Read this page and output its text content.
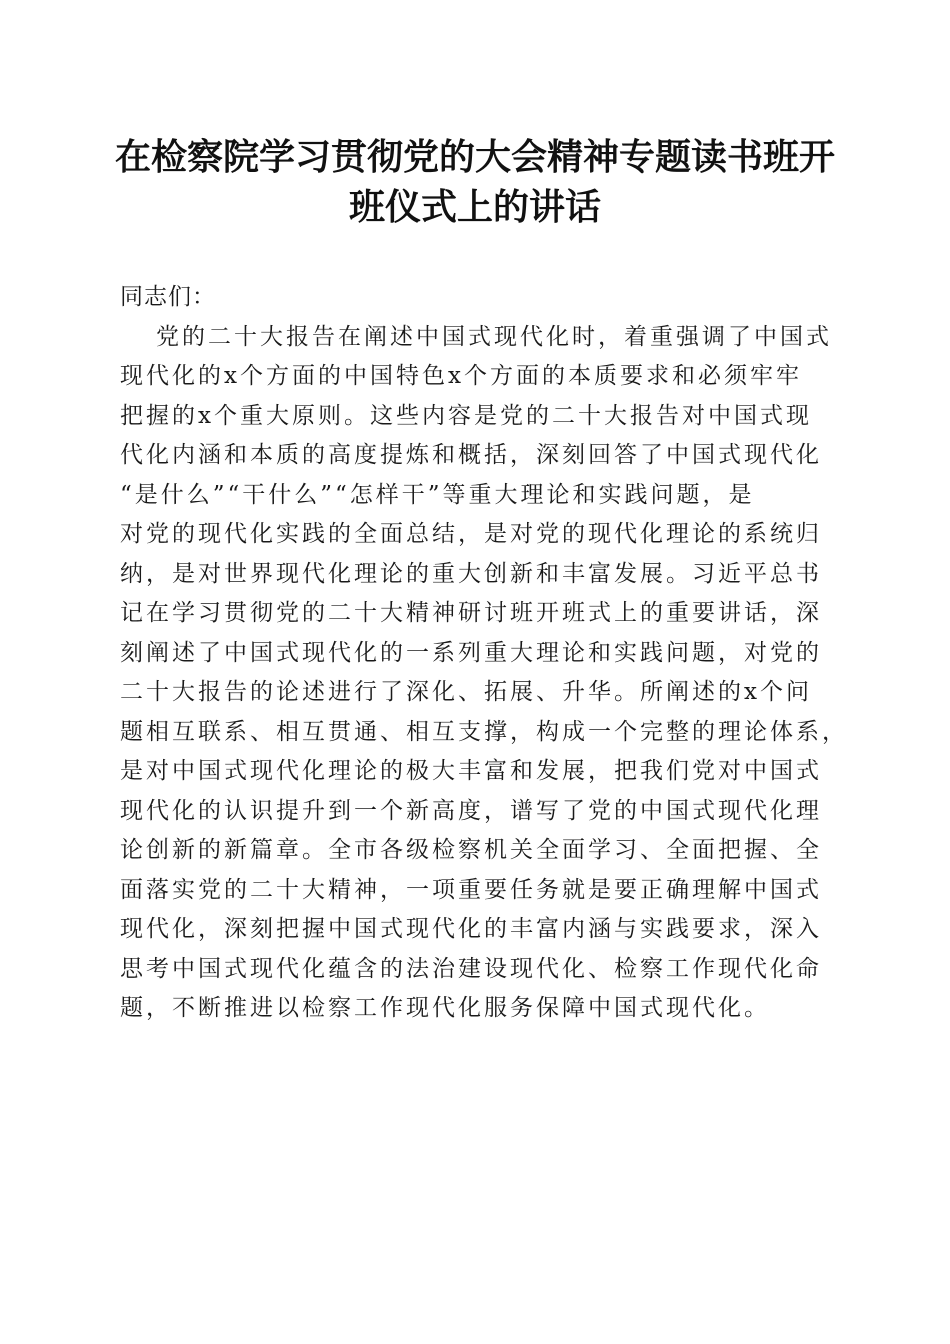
在检察院学习贯彻党的大会精神专题读书班开
班仪式上的讲话
同志们：
党的二十大报告在阐述中国式现代化时，着重强调了中国式
现代化的x个方面的中国特色x个方面的本质要求和必须牢牢
把握的x个重大原则。这些内容是党的二十大报告对中国式现
代化内涵和本质的高度提炼和概括，深刻回答了中国式现代化
“是什么”“干什么”“怎样干”等重大理论和实践问题，是
对党的现代化实践的全面总结，是对党的现代化理论的系统归
纳，是对世界现代化理论的重大创新和丰富发展。习近平总书
记在学习贯彻党的二十大精神研讨班开班式上的重要讲话，深
刻阐述了中国式现代化的一系列重大理论和实践问题，对党的
二十大报告的论述进行了深化、拓展、升华。所阐述的x个问
题相互联系、相互贯通、相互支撑，构成一个完整的理论体系，
是对中国式现代化理论的极大丰富和发展，把我们党对中国式
现代化的认识提升到一个新高度，谱写了党的中国式现代化理
论创新的新篇章。全市各级检察机关全面学习、全面把握、全
面落实党的二十大精神，一项重要任务就是要正确理解中国式
现代化，深刻把握中国式现代化的丰富内涵与实践要求，深入
思考中国式现代化蕴含的法治建设现代化、检察工作现代化命
题，不断推进以检察工作现代化服务保障中国式现代化。
